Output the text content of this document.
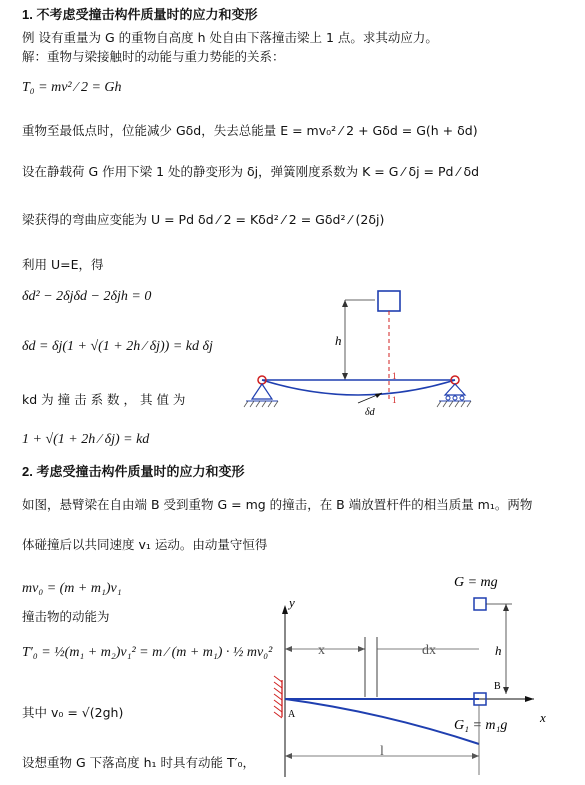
1. 不考虑受撞击构件质量时的应力和变形
例 设有重量为 G 的重物自高度 h 处自由下落撞击梁上 1 点。求其动应力。
解：重物与梁接触时的动能与重力势能的关系：
T₀ = mv² ⁄ 2 = Gh
重物至最低点时，位能减少 Gδd，失去总能量 E = mv₀² ⁄ 2 + Gδd = G(h + δd)
设在静载荷 G 作用下梁 1 处的静变形为 δj，弹簧刚度系数为 K = G ⁄ δj = Pd ⁄ δd
梁获得的弯曲应变能为 U = Pd δd ⁄ 2 = Kδd² ⁄ 2 = Gδd² ⁄ (2δj)
利用 U=E，得
δd² − 2δjδd − 2δjh = 0
δd = δj(1 + √(1 + 2h ⁄ δj)) = kd δj
kd 为 撞 击 系 数 ， 其 值 为
1 + √(1 + 2h ⁄ δj) = kd
2. 考虑受撞击构件质量时的应力和变形
如图，悬臂梁在自由端 B 受到重物 G = mg 的撞击，在 B 端放置杆件的相当质量 m₁。两物
体碰撞后以共同速度 v₁ 运动。由动量守恒得
mv₀ = (m + m₁)v₁
撞击物的动能为
T′₀ = ½(m₁ + m₂)v₁² = m ⁄ (m + m₁) · ½ mv₀²
其中 v₀ = √(2gh)
设想重物 G 下落高度 h₁ 时具有动能 T′₀，
h
1
1
δd
G = mg
h
y
x
A
B
G₁ = m₁g
x	dx
l
